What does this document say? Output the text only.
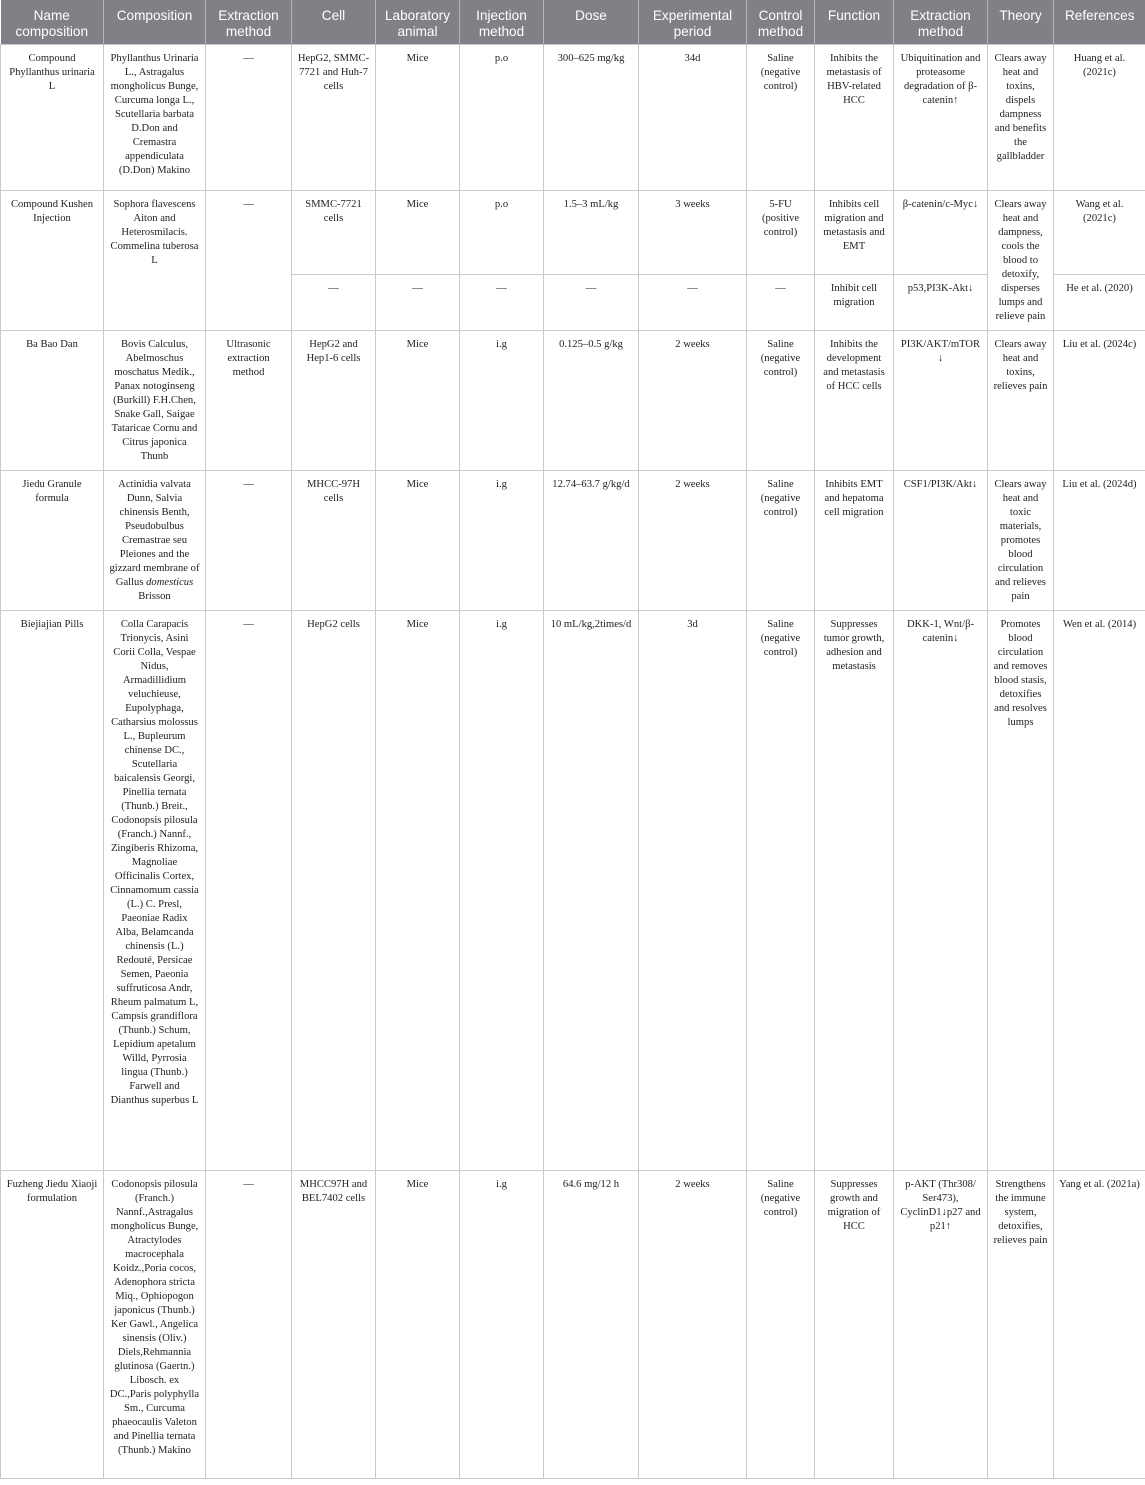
Name composition	Composition	Extraction method	Cell	Laboratory animal	Injection method	Dose	Experimental period	Control method	Function	Extraction method	Theory	References
Compound Phyllanthus urinaria L	Phyllanthus Urinaria L., Astragalus mongholicus Bunge, Curcuma longa L., Scutellaria barbata D.Don and Cremastra appendiculata (D.Don) Makino	—	HepG2, SMMC-7721 and Huh-7 cells	Mice	p.o	300–625 mg/kg	34d	Saline (negative control)	Inhibits the metastasis of HBV-related HCC	Ubiquitination and proteasome degradation of β-catenin↑	Clears away heat and toxins, dispels dampness and benefits the gallbladder	Huang et al. (2021c)
Compound Kushen Injection	Sophora flavescens Aiton and Heterosmilacis. Commelina tuberosa L	—	SMMC-7721 cells	Mice	p.o	1.5–3 mL/kg	3 weeks	5-FU (positive control)	Inhibits cell migration and metastasis and EMT	β-catenin/c-Myc↓	Clears away heat and dampness, cools the blood to detoxify, disperses lumps and relieve pain	Wang et al. (2021c)
			—	—	—	—	—	—	Inhibit cell migration	p53,PI3K-Akt↓		He et al. (2020)
Ba Bao Dan	Bovis Calculus, Abelmoschus moschatus Medik., Panax notoginseng (Burkill) F.H.Chen, Snake Gall, Saigae Tataricae Cornu and Citrus japonica Thunb	Ultrasonic extraction method	HepG2 and Hep1-6 cells	Mice	i.g	0.125–0.5 g/kg	2 weeks	Saline (negative control)	Inhibits the development and metastasis of HCC cells	PI3K/AKT/mTOR↓	Clears away heat and toxins, relieves pain	Liu et al. (2024c)
Jiedu Granule formula	Actinidia valvata Dunn, Salvia chinensis Benth, Pseudobulbus Cremastrae seu Pleiones and the gizzard membrane of Gallus domesticus Brisson	—	MHCC-97H cells	Mice	i.g	12.74–63.7 g/kg/d	2 weeks	Saline (negative control)	Inhibits EMT and hepatoma cell migration	CSF1/PI3K/Akt↓	Clears away heat and toxic materials, promotes blood circulation and relieves pain	Liu et al. (2024d)
Biejiajian Pills	Colla Carapacis Trionycis, Asini Corii Colla, Vespae Nidus, Armadillidium veluchieuse, Eupolyphaga, Catharsius molossus L., Bupleurum chinense DC., Scutellaria baicalensis Georgi, Pinellia ternata (Thunb.) Breit., Codonopsis pilosula (Franch.) Nannf., Zingiberis Rhizoma, Magnoliae Officinalis Cortex, Cinnamomum cassia (L.) C. Presl, Paeoniae Radix Alba, Belamcanda chinensis (L.) Redouté, Persicae Semen, Paeonia suffruticosa Andr, Rheum palmatum L, Campsis grandiflora (Thunb.) Schum, Lepidium apetalum Willd, Pyrrosia lingua (Thunb.) Farwell and Dianthus superbus L	—	HepG2 cells	Mice	i.g	10 mL/kg,2times/d	3d	Saline (negative control)	Suppresses tumor growth, adhesion and metastasis	DKK-1, Wnt/β-catenin↓	Promotes blood circulation and removes blood stasis, detoxifies and resolves lumps	Wen et al. (2014)
Fuzheng Jiedu Xiaoji formulation	Codonopsis pilosula (Franch.) Nannf.,Astragalus mongholicus Bunge, Atractylodes macrocephala Koidz.,Poria cocos, Adenophora stricta Miq., Ophiopogon japonicus (Thunb.) Ker Gawl., Angelica sinensis (Oliv.) Diels,Rehmannia glutinosa (Gaertn.) Libosch. ex DC.,Paris polyphylla Sm., Curcuma phaeocaulis Valeton and Pinellia ternata (Thunb.) Makino	—	MHCC97H and BEL7402 cells	Mice	i.g	64.6 mg/12 h	2 weeks	Saline (negative control)	Suppresses growth and migration of HCC	p-AKT (Thr308/ Ser473), CyclinD1↓p27 and p21↑	Strengthens the immune system, detoxifies, relieves pain	Yang et al. (2021a)
